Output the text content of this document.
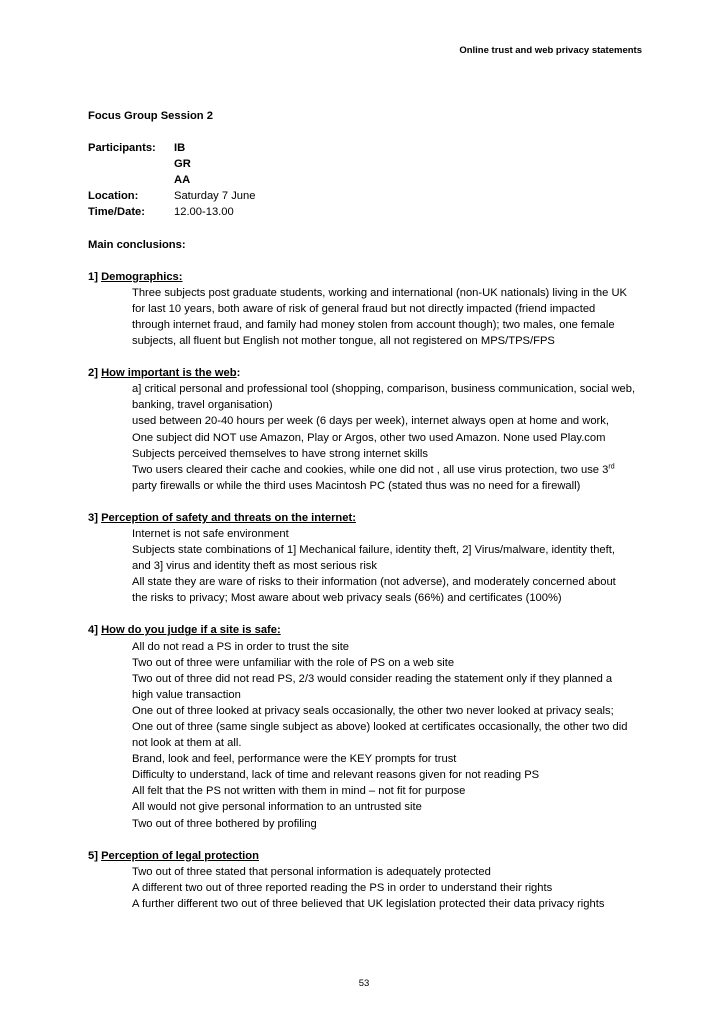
Online trust and web privacy statements
Focus Group Session 2
Participants:	IB
GR
AA
Location:	Saturday 7 June
Time/Date:	12.00-13.00
Main conclusions:
1] Demographics:
Three subjects post graduate students, working and international (non-UK nationals) living in the UK
for last 10 years, both aware of risk of general fraud but not directly impacted (friend impacted
through internet fraud, and family had money stolen from account though); two males, one female
subjects, all fluent but English not mother tongue, all not registered on MPS/TPS/FPS
2] How important is the web:
a] critical personal and professional tool (shopping, comparison, business communication, social web,
banking, travel organisation)
used between 20-40 hours per week (6 days per week), internet always open at home and work,
One subject did NOT use Amazon, Play or Argos, other two used Amazon. None used Play.com
Subjects perceived themselves to have strong internet skills
Two users cleared their cache and cookies, while one did not , all use virus protection, two use 3rd
party firewalls or while the third uses Macintosh PC (stated thus was no need for a firewall)
3] Perception of safety and threats on the internet:
Internet is not safe environment
Subjects state combinations of 1] Mechanical failure, identity theft, 2] Virus/malware, identity theft,
and 3] virus and identity theft as most serious risk
All state they are ware of risks to their information (not adverse), and moderately concerned about
the risks to privacy; Most aware about web privacy seals (66%) and certificates (100%)
4] How do you judge if a site is safe:
All do not read a PS in order to trust the site
Two out of three were unfamiliar with the role of PS on a web site
Two out of three did not read PS, 2/3 would consider reading the statement only if they planned a
high value transaction
One out of three looked at privacy seals occasionally, the other two never looked at privacy seals;
One out of three (same single subject as above) looked at certificates occasionally, the other two did
not look at them at all.
Brand, look and feel, performance were the KEY prompts for trust
Difficulty to understand, lack of time and relevant reasons given for not reading PS
All felt that the PS not written with them in mind – not fit for purpose
All would not give personal information to an untrusted site
Two out of three bothered by profiling
5] Perception of legal protection
Two out of three stated that personal information is adequately protected
A different two out of three reported reading the PS in order to understand their rights
A further different two out of three believed that UK legislation protected their data privacy rights
53
